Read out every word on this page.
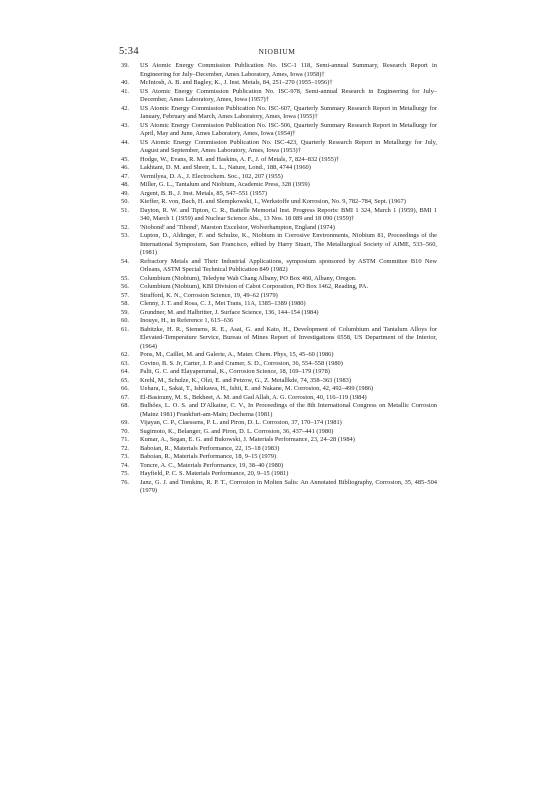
5:34	NIOBIUM
39. US Atomic Energy Commission Publication No. ISC-1 118, Semi-annual Summary, Research Report in Engineering for July–December, Ames Laboratory, Ames, Iowa (1958)†
40. McIntosh, A. B. and Bagley, K., J. Inst. Metals, 84, 251–270 (1955–1956)†
41. US Atomic Energy Commission Publication No. ISC-978, Semi-annual Research in Engineering for July–December, Ames Laboratory, Ames, Iowa (1957)†
42. US Atomic Energy Commission Publication No. ISC-607, Quarterly Summary Research Report in Metallurgy for January, February and March, Ames Laboratory, Ames, Iowa (1955)†
43. US Atomic Energy Commission Publication No. ISC-506, Quarterly Summary Research Report in Metallurgy for April, May and June, Ames Laboratory, Ames, Iowa (1954)†
44. US Atomic Energy Commission Publication No. ISC-423, Quarterly Research Report in Metallurgy for July, August and September, Ames Laboratory, Ames, Iowa (1953)†
45. Hodge, W., Evans, R. M. and Haskins, A. F., J. of Metals, 7, 824–832 (1955)†
46. Lakhtani, D. M. and Shreir, L. L., Nature, Lond., 188, 4744 (1960)
47. Vermilyea, D. A., J. Electrochem. Soc., 102, 207 (1955)
48. Miller, G. L., Tantalum and Niobium, Academic Press, 328 (1959)
49. Argent, B. B., J. Inst. Metals, 85, 547–551 (1957)
50. Kieffer, R. von, Bach, H. and Slempkowski, I., Werkstoffe und Korrosion, No. 9, 782–784, Sept. (1967)
51. Dayton, R. W. and Tipton, C. R., Battelle Memorial Inst. Progress Reports: BMI 1 324, March 1 (1959), BMI 1 340, March 1 (1959) and Nuclear Science Abs., 13 Nos. 18 089 and 18 090 (1959)†
52. 'Niobond' and 'Tibond', Marston Excelsior, Wolverhampton, England (1974)
53. Lupton, D., Aldinger, F. and Schulze, K., Niobium in Corrosive Environments, Niobium 81, Proceedings of the International Symposium, San Francisco, edited by Harry Stuart, The Metallurgical Society of AIME, 533–560, (1981)
54. Refractory Metals and Their Industrial Applications, symposium sponsored by ASTM Committee B10 New Orleans, ASTM Special Technical Publication 849 (1982)
55. Columbium (Niobium), Teledyne Wah Chang Albany, PO Box 460, Albany, Oregon.
56. Columbium (Niobium), KBI Division of Cabot Corporation, PO Box 1462, Reading, PA.
57. Strafford, K. N., Corrosion Science, 19, 49–62 (1979)
58. Clenny, J. T. and Rosa, C. J., Met Trans, 11A, 1385–1389 (1980)
59. Grundner, M. and Halbritter, J. Surface Science, 136, 144–154 (1984)
60. Inouye, H., in Reference 1, 615–636
61. Babitzke, H. R., Siemens, R. E., Asai, G. and Kato, H., Development of Columbium and Tantalum Alloys for Elevated-Temperature Service, Bureau of Mines Report of Investigations 6558, US Department of the Interior, (1964)
62. Pons, M., Caillet, M. and Galerie, A., Mater. Chem. Phys, 15, 45–60 (1986)
63. Covino, B. S. Jr, Carter, J. P. and Cramer, S. D., Corrosion, 36, 554–558 (1980)
64. Palit, G. C. and Elayaperumal, K., Corrosion Science, 18, 169–179 (1978)
65. Krehl, M., Schulze, K., Olzi, E. and Petzow, G., Z. Metallkde, 74, 358–363 (1983)
66. Uehara, I., Sakai, T., Ishikawa, H., Ishii, E. and Nakane, M. Corrosion, 42, 492–499 (1986)
67. El-Basiouny, M. S., Bekheet, A. M. and Gad Allah, A. G. Corrosion, 40, 116–119 (1984)
68. Bulhões, L. O. S. and D'Alkaine, C. V., In Proceedings of the 8th International Congress on Metallic Corrosion (Mainz 1981) Frankfurt-am-Main; Dechema (1981)
69. Vijayan, C. P., Claessens, P. L. and Piron, D. L. Corrosion, 37, 170–174 (1981)
70. Sugimoto, K., Belanger, G. and Piron, D. L. Corrosion, 36, 437–441 (1980)
71. Kumar, A., Segan, E. G. and Bukowski, J. Materials Performance, 23, 24–28 (1984)
72. Baboian, R., Materials Performance, 22, 15–18 (1983)
73. Baboian, R., Materials Performance, 18, 9–15 (1979)
74. Toncre, A. C., Materials Performance, 19, 38–40 (1980)
75. Hayfield, P. C. S. Materials Performance, 20, 9–15 (1981)
76. Janz, G. J. and Tomkins, R. P. T., Corrosion in Molten Salts: An Annotated Bibliography, Corrosion, 35, 485–504 (1979)
